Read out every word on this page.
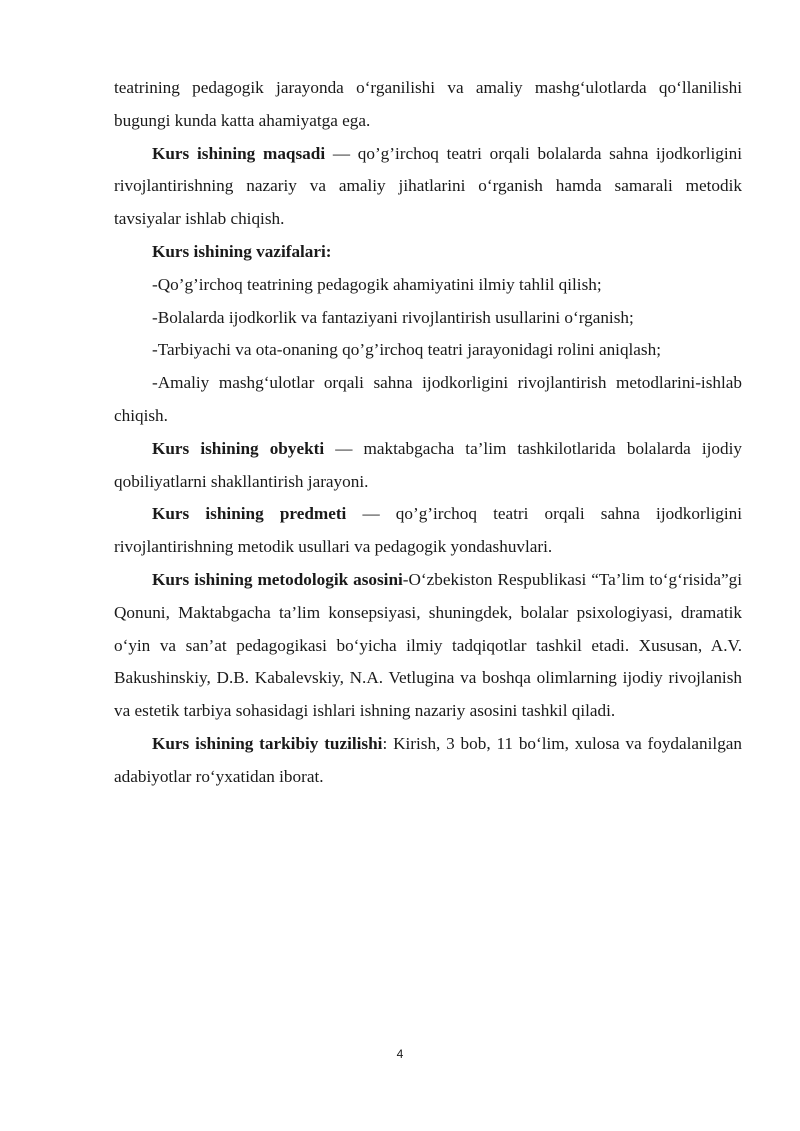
teatrining pedagogik jarayonda o‘rganilishi va amaliy mashg‘ulotlarda qo‘llanilishi bugungi kunda katta ahamiyatga ega.

Kurs ishining maqsadi — qo’g’irchoq teatri orqali bolalarda sahna ijodkorligini rivojlantirishning nazariy va amaliy jihatlarini o‘rganish hamda samarali metodik tavsiyalar ishlab chiqish.

Kurs ishining vazifalari:

-Qo’g’irchoq teatrining pedagogik ahamiyatini ilmiy tahlil qilish;

-Bolalarda ijodkorlik va fantaziyani rivojlantirish usullarini o‘rganish;

-Tarbiyachi va ota-onaning qo’g’irchoq teatri jarayonidagi rolini aniqlash;

-Amaliy mashg‘ulotlar orqali sahna ijodkorligini rivojlantirish metodlarini-ishlab chiqish.

Kurs ishining obyekti — maktabgacha ta’lim tashkilotlarida bolalarda ijodiy qobiliyatlarni shakllantirish jarayoni.

Kurs ishining predmeti — qo’g’irchoq teatri orqali sahna ijodkorligini rivojlantirishning metodik usullari va pedagogik yondashuvlari.

Kurs ishining metodologik asosini-O‘zbekiston Respublikasi “Ta’lim to‘g‘risida”gi Qonuni, Maktabgacha ta’lim konsepsiyasi, shuningdek, bolalar psixologiyasi, dramatik o‘yin va san’at pedagogikasi bo‘yicha ilmiy tadqiqotlar tashkil etadi. Xususan, A.V. Bakushinskiy, D.B. Kabalevskiy, N.A. Vetlugina va boshqa olimlarning ijodiy rivojlanish va estetik tarbiya sohasidagi ishlari ishning nazariy asosini tashkil qiladi.

Kurs ishining tarkibiy tuzilishi: Kirish, 3 bob, 11 bo‘lim, xulosa va foydalanilgan adabiyotlar ro‘yxatidan iborat.

4
